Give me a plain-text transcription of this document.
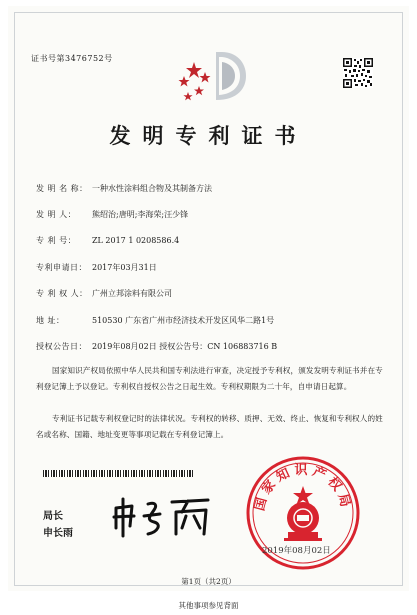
证书号第3476752号
发明专利证书
发 明 名 称： 一种水性涂料组合物及其制备方法
发 明 人： 熊绍治;唐明;李海荣;汪少锋
专 利 号： ZL 2017 1 0208586.4
专利申请日： 2017年03月31日
专 利 权 人： 广州立邦涂料有限公司
地 址：	510530 广东省广州市经济技术开发区风华二路1号
授权公告日： 2019年08月02日 授权公告号：CN 106883716 B
国家知识产权局依照中华人民共和国专利法进行审查，决定授予专利权，颁发发明专利证书并在专利登记簿上予以登记。专利权自授权公告之日起生效。专利权期限为二十年，自申请日起算。
专利证书记载专利权登记时的法律状况。专利权的转移、质押、无效、终止、恢复和专利权人的姓名或名称、国籍、地址变更等事项记载在专利登记簿上。
局长
申长雨
国家知识产权局
2019年08月02日
第1页（共2页）
其他事项参见背面
